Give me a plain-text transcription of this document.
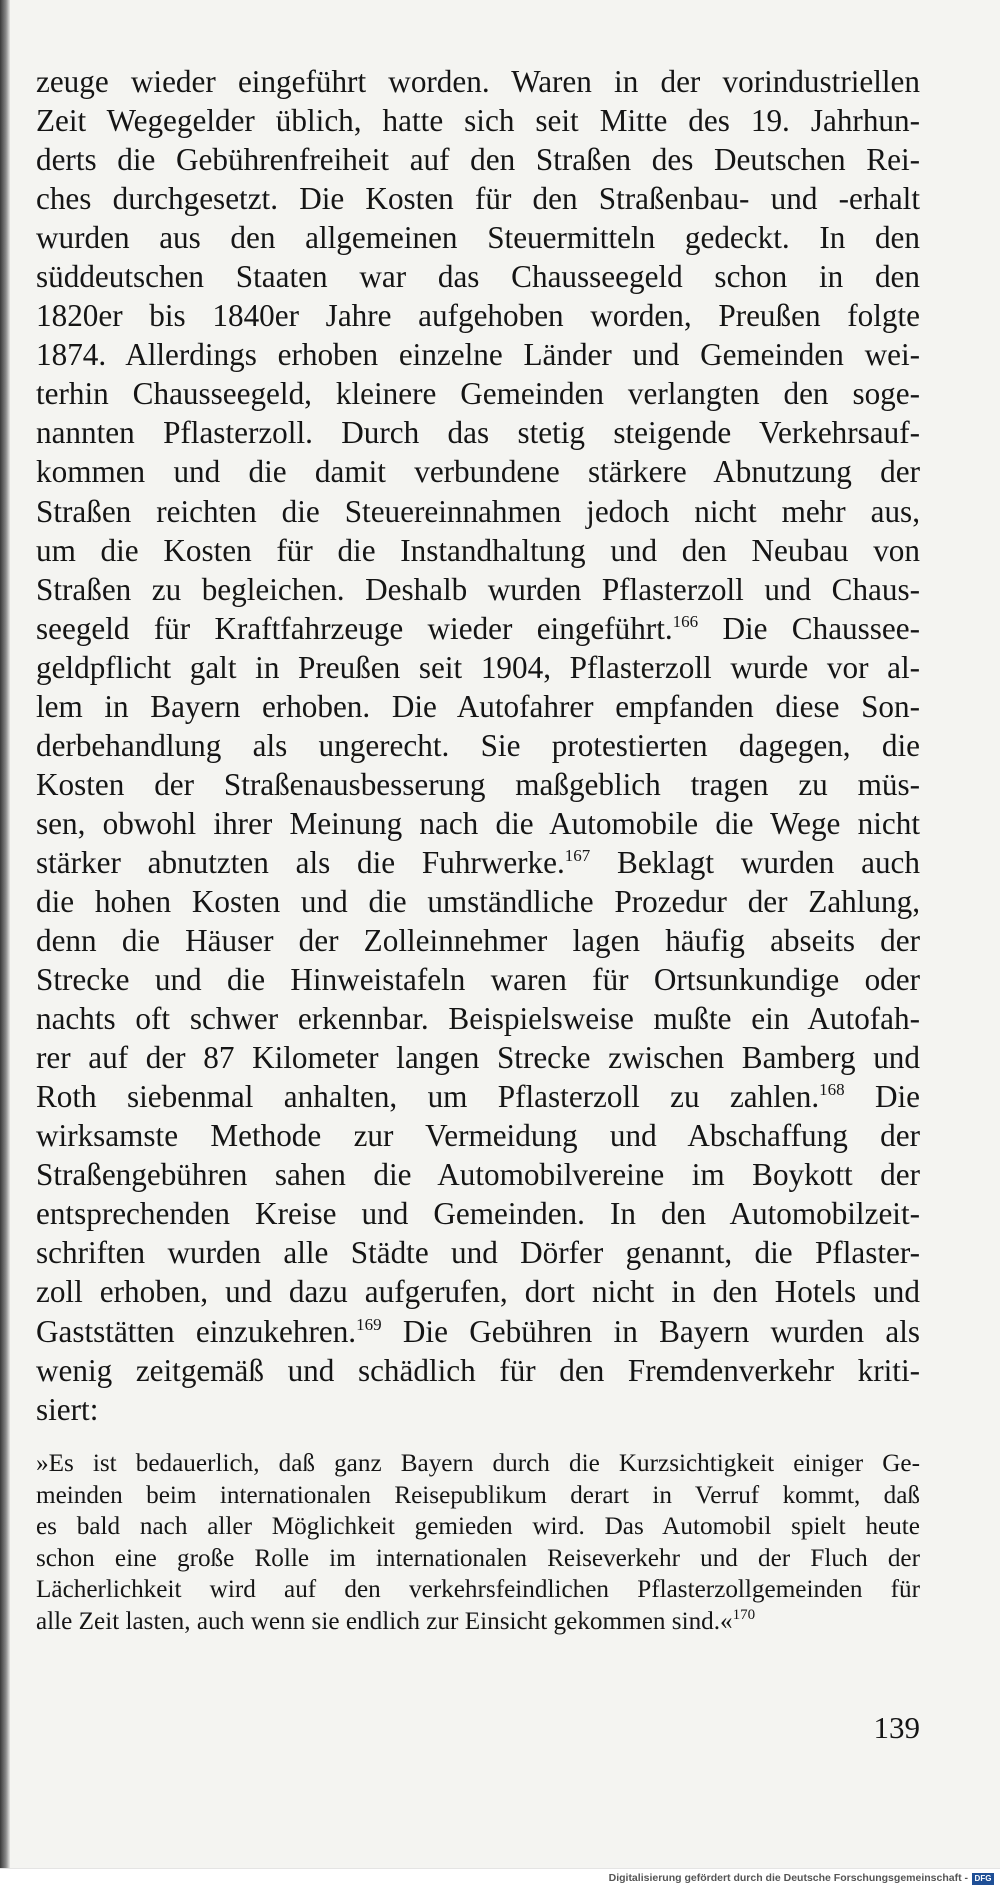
zeuge wieder eingeführt worden. Waren in der vorindustriellen
Zeit Wegegelder üblich, hatte sich seit Mitte des 19. Jahrhun-
derts die Gebührenfreiheit auf den Straßen des Deutschen Rei-
ches durchgesetzt. Die Kosten für den Straßenbau- und -erhalt
wurden aus den allgemeinen Steuermitteln gedeckt. In den
süddeutschen Staaten war das Chausseegeld schon in den
1820er bis 1840er Jahre aufgehoben worden, Preußen folgte
1874. Allerdings erhoben einzelne Länder und Gemeinden wei-
terhin Chausseegeld, kleinere Gemeinden verlangten den soge-
nannten Pflasterzoll. Durch das stetig steigende Verkehrsauf-
kommen und die damit verbundene stärkere Abnutzung der
Straßen reichten die Steuereinnahmen jedoch nicht mehr aus,
um die Kosten für die Instandhaltung und den Neubau von
Straßen zu begleichen. Deshalb wurden Pflasterzoll und Chaus-
seegeld für Kraftfahrzeuge wieder eingeführt.$^{166}$ Die Chaussee-
geldpflicht galt in Preußen seit 1904, Pflasterzoll wurde vor al-
lem in Bayern erhoben. Die Autofahrer empfanden diese Son-
derbehandlung als ungerecht. Sie protestierten dagegen, die
Kosten der Straßenausbesserung maßgeblich tragen zu müs-
sen, obwohl ihrer Meinung nach die Automobile die Wege nicht
stärker abnutzten als die Fuhrwerke.$^{167}$ Beklagt wurden auch
die hohen Kosten und die umständliche Prozedur der Zahlung,
denn die Häuser der Zolleinnehmer lagen häufig abseits der
Strecke und die Hinweistafeln waren für Ortsunkundige oder
nachts oft schwer erkennbar. Beispielsweise mußte ein Autofah-
rer auf der 87 Kilometer langen Strecke zwischen Bamberg und
Roth siebenmal anhalten, um Pflasterzoll zu zahlen.$^{168}$ Die
wirksamste Methode zur Vermeidung und Abschaffung der
Straßengebühren sahen die Automobilvereine im Boykott der
entsprechenden Kreise und Gemeinden. In den Automobilzeit-
schriften wurden alle Städte und Dörfer genannt, die Pflaster-
zoll erhoben, und dazu aufgerufen, dort nicht in den Hotels und
Gaststätten einzukehren.$^{169}$ Die Gebühren in Bayern wurden als
wenig zeitgemäß und schädlich für den Fremdenverkehr kriti-
siert:
»Es ist bedauerlich, daß ganz Bayern durch die Kurzsichtigkeit einiger Ge-
meinden beim internationalen Reisepublikum derart in Verruf kommt, daß
es bald nach aller Möglichkeit gemieden wird. Das Automobil spielt heute
schon eine große Rolle im internationalen Reiseverkehr und der Fluch der
Lächerlichkeit wird auf den verkehrsfeindlichen Pflasterzollgemeinden für
alle Zeit lasten, auch wenn sie endlich zur Einsicht gekommen sind.«$^{170}$
139
Digitalisierung gefördert durch die Deutsche Forschungsgemeinschaft - DFG
